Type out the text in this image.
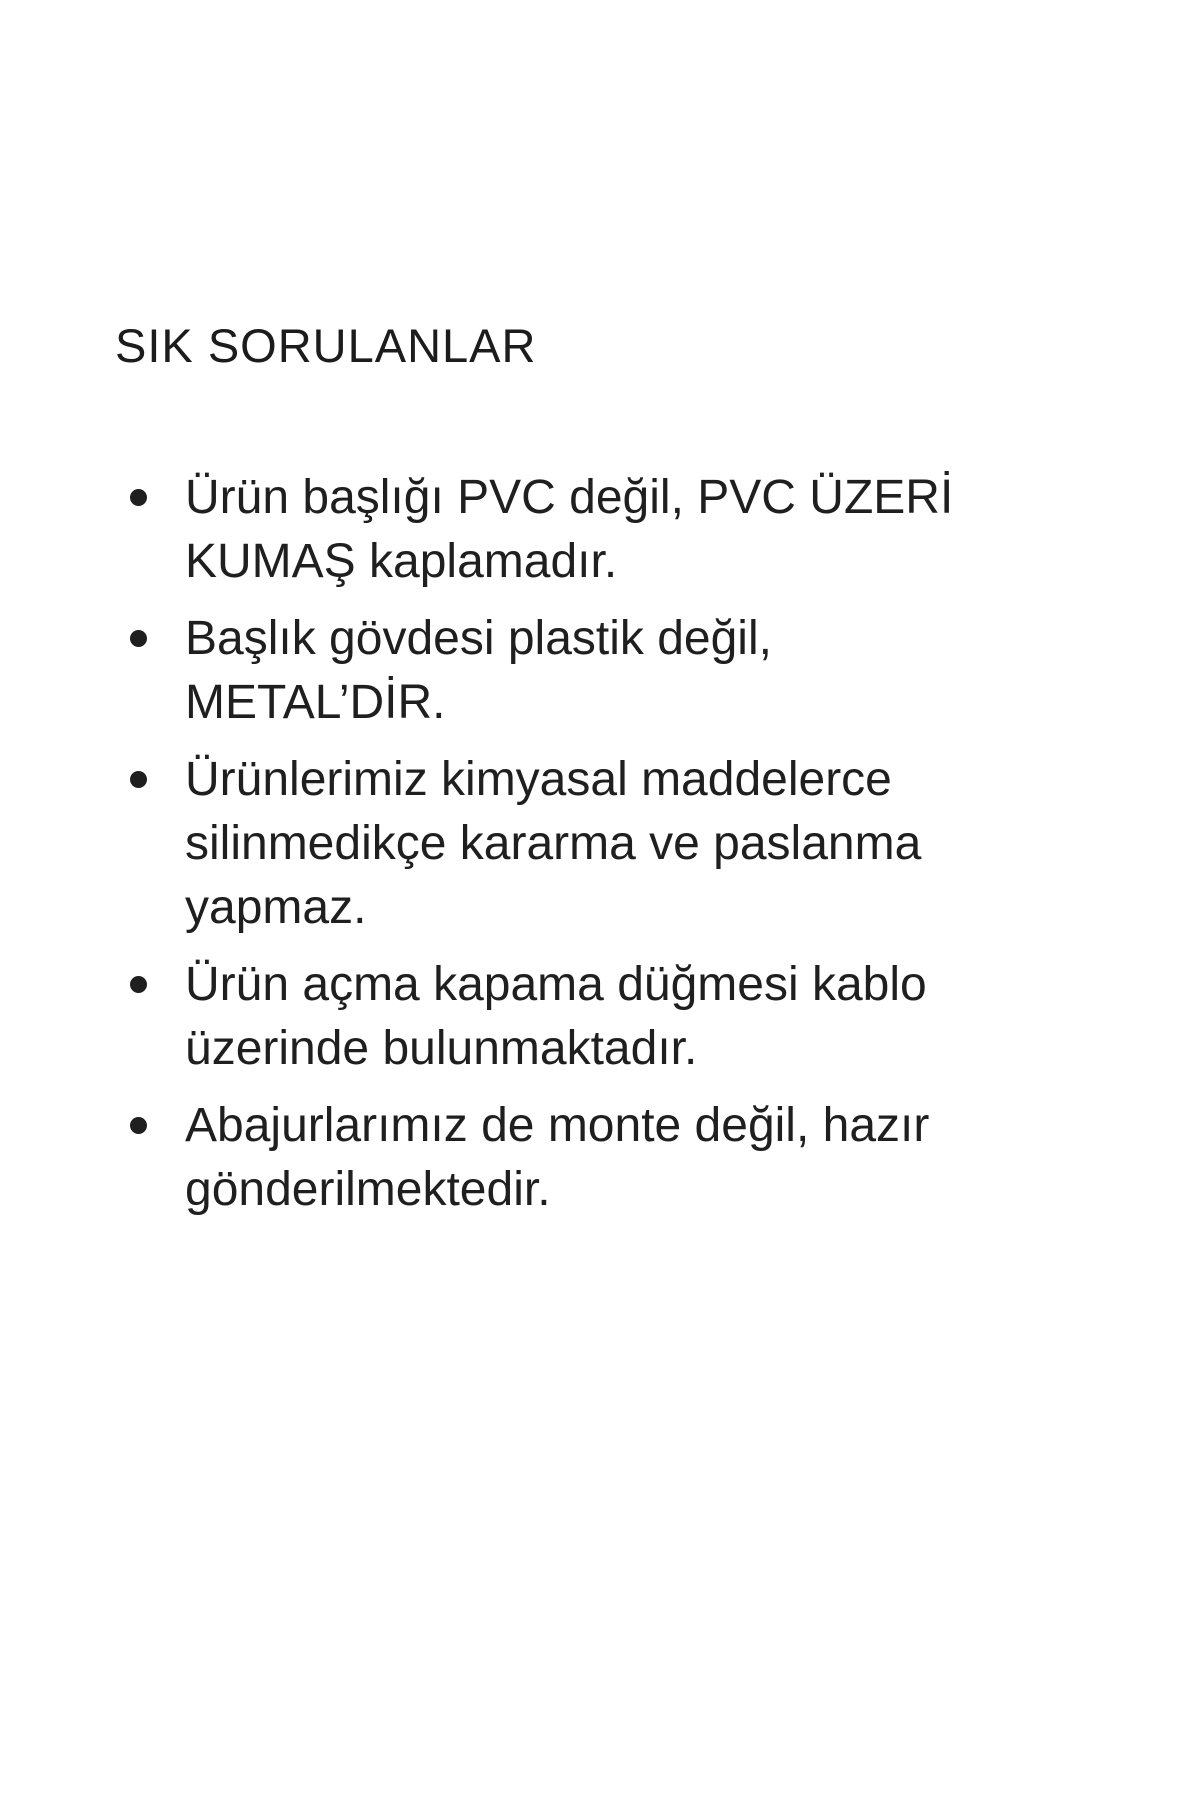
SIK SORULANLAR
Ürün başlığı PVC değil, PVC ÜZERİ KUMAŞ kaplamadır.
Başlık gövdesi plastik değil, METAL’DİR.
Ürünlerimiz kimyasal maddelerce silinmedikçe kararma ve paslanma yapmaz.
Ürün açma kapama düğmesi kablo üzerinde bulunmaktadır.
Abajurlarımız de monte değil, hazır gönderilmektedir.
